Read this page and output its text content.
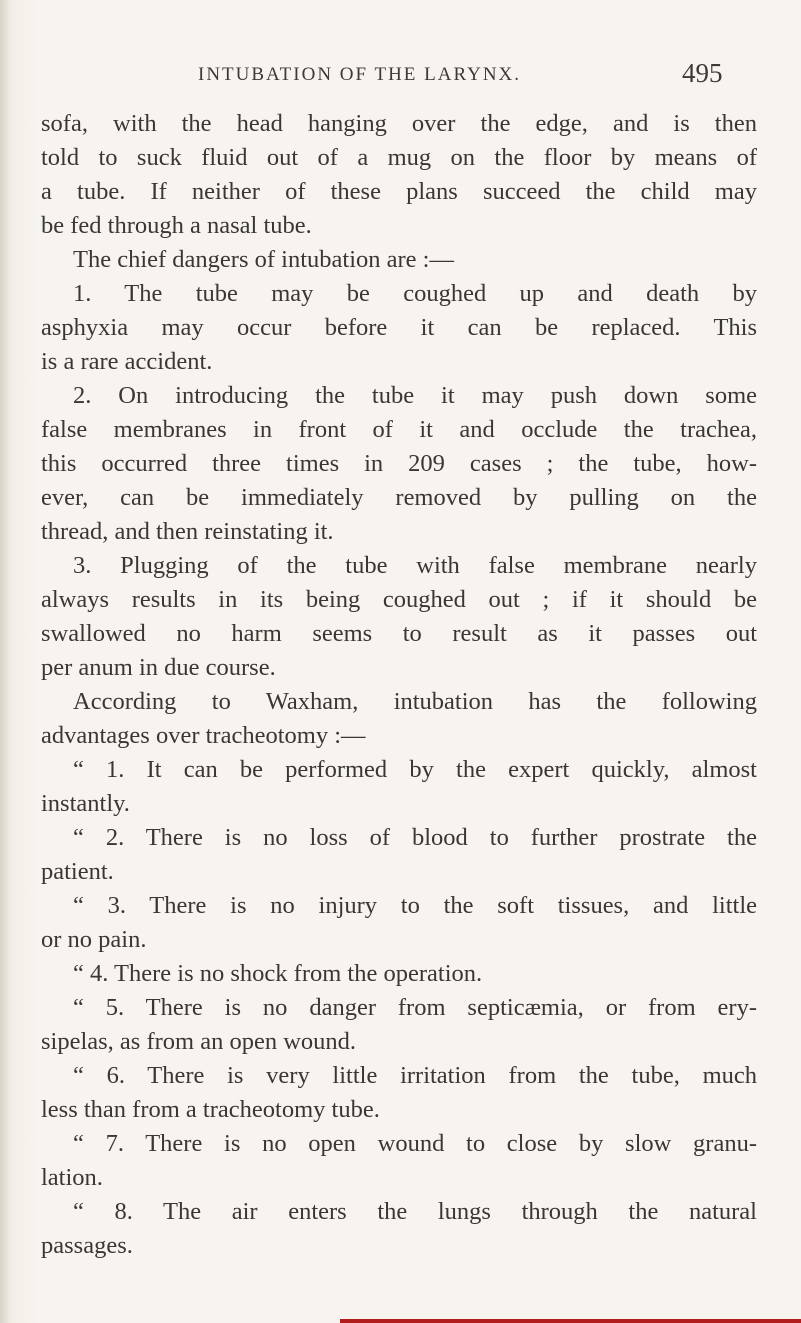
INTUBATION OF THE LARYNX.	495
sofa, with the head hanging over the edge, and is then
told to suck fluid out of a mug on the floor by means of
a tube. If neither of these plans succeed the child may
be fed through a nasal tube.
The chief dangers of intubation are :—
1. The tube may be coughed up and death by
asphyxia may occur before it can be replaced. This
is a rare accident.
2. On introducing the tube it may push down some
false membranes in front of it and occlude the trachea,
this occurred three times in 209 cases ; the tube, how-
ever, can be immediately removed by pulling on the
thread, and then reinstating it.
3. Plugging of the tube with false membrane nearly
always results in its being coughed out ; if it should be
swallowed no harm seems to result as it passes out
per anum in due course.
According to Waxham, intubation has the following
advantages over tracheotomy :—
“ 1. It can be performed by the expert quickly, almost
instantly.
“ 2. There is no loss of blood to further prostrate the
patient.
“ 3. There is no injury to the soft tissues, and little
or no pain.
“ 4. There is no shock from the operation.
“ 5. There is no danger from septicæmia, or from ery-
sipelas, as from an open wound.
“ 6. There is very little irritation from the tube, much
less than from a tracheotomy tube.
“ 7. There is no open wound to close by slow granu-
lation.
“ 8. The air enters the lungs through the natural
passages.
